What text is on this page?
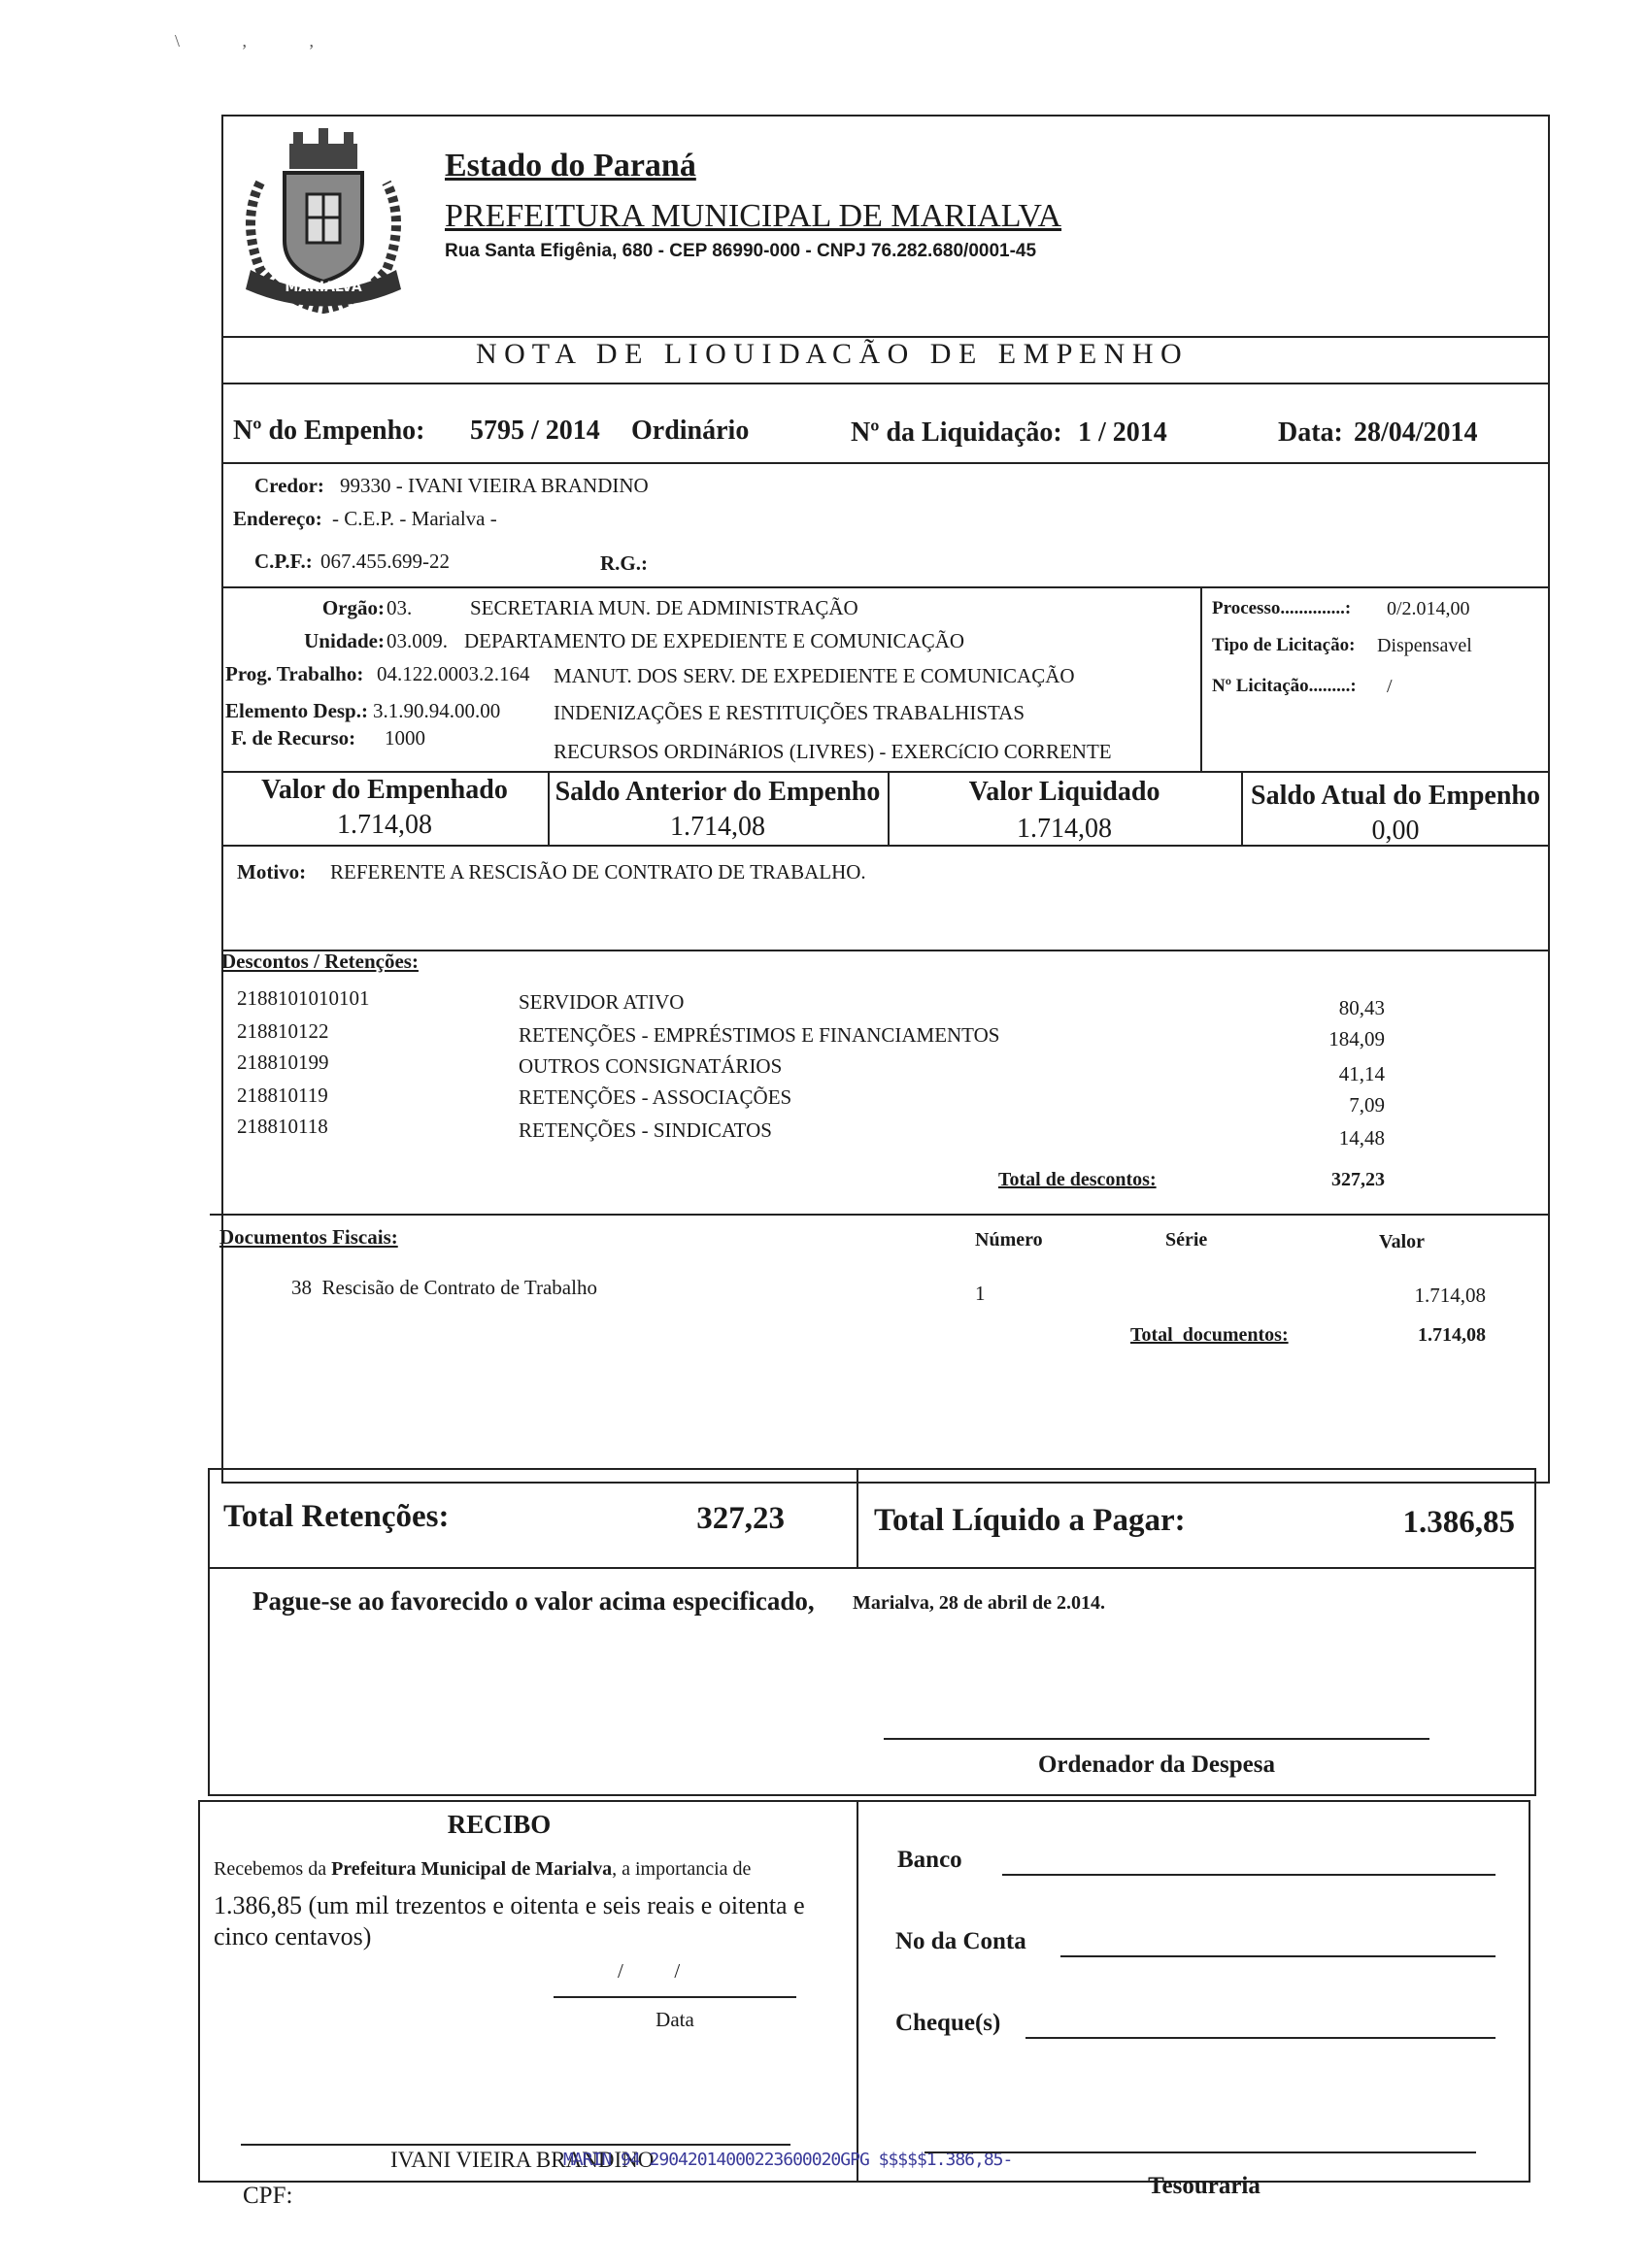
\ , ,
MARIALVA
Estado do Paraná
PREFEITURA MUNICIPAL DE MARIALVA
Rua Santa Efigênia, 680 - CEP 86990-000 - CNPJ 76.282.680/0001-45
N O T A   D E   L I O U I D A C Ã O   D E   E M P E N H O
Nº do Empenho: 5795 / 2014 Ordinário	Nº da Liquidação: 1 / 2014	Data: 28/04/2014
Credor: 99330 - IVANI VIEIRA BRANDINO
Endereço: - C.E.P. - Marialva -
C.P.F.: 067.455.699-22	R.G.:
Orgão: 03.	SECRETARIA MUN. DE ADMINISTRAÇÃO
Unidade: 03.009. DEPARTAMENTO DE EXPEDIENTE E COMUNICAÇÃO
Prog. Trabalho: 04.122.0003.2.164 MANUT. DOS SERV. DE EXPEDIENTE E COMUNICAÇÃO
Elemento Desp.: 3.1.90.94.00.00	INDENIZAÇÕES E RESTITUIÇÕES TRABALHISTAS
F. de Recurso: 1000
RECURSOS ORDINáRIOS (LIVRES) - EXERCíCIO CORRENTE
Processo..............: 0/2.014,00
Tipo de Licitação: Dispensavel
Nº Licitação.........: /
Valor do Empenhado
1.714,08
Saldo Anterior do Empenho
1.714,08
Valor Liquidado
1.714,08
Saldo Atual do Empenho
0,00
Motivo: REFERENTE A RESCISÃO DE CONTRATO DE TRABALHO.
Descontos / Retenções:
2188101010101	SERVIDOR ATIVO	80,43
218810122	RETENÇÕES - EMPRÉSTIMOS E FINANCIAMENTOS	184,09
218810199	OUTROS CONSIGNATÁRIOS	41,14
218810119	RETENÇÕES - ASSOCIAÇÕES	7,09
218810118	RETENÇÕES - SINDICATOS	14,48
Total de descontos:	327,23
Documentos Fiscais:	Número	Série	Valor
38  Rescisão de Contrato de Trabalho	1	1.714,08
Total  documentos:	1.714,08
Total Retenções:	327,23	Total Líquido a Pagar:	1.386,85
Pague-se ao favorecido o valor acima especificado, Marialva, 28 de abril de 2.014.
Ordenador da Despesa
RECIBO
Recebemos da Prefeitura Municipal de Marialva, a importancia de
1.386,85 (um mil trezentos e oitenta e seis reais e oitenta e
cinco centavos)
/          /
Data
IVANI VIEIRA BRANDINO
MARIN 94 29042014000223600020GPG $$$$$1.386,85-
CPF:
Banco
No da Conta
Cheque(s)
Tesouraria
